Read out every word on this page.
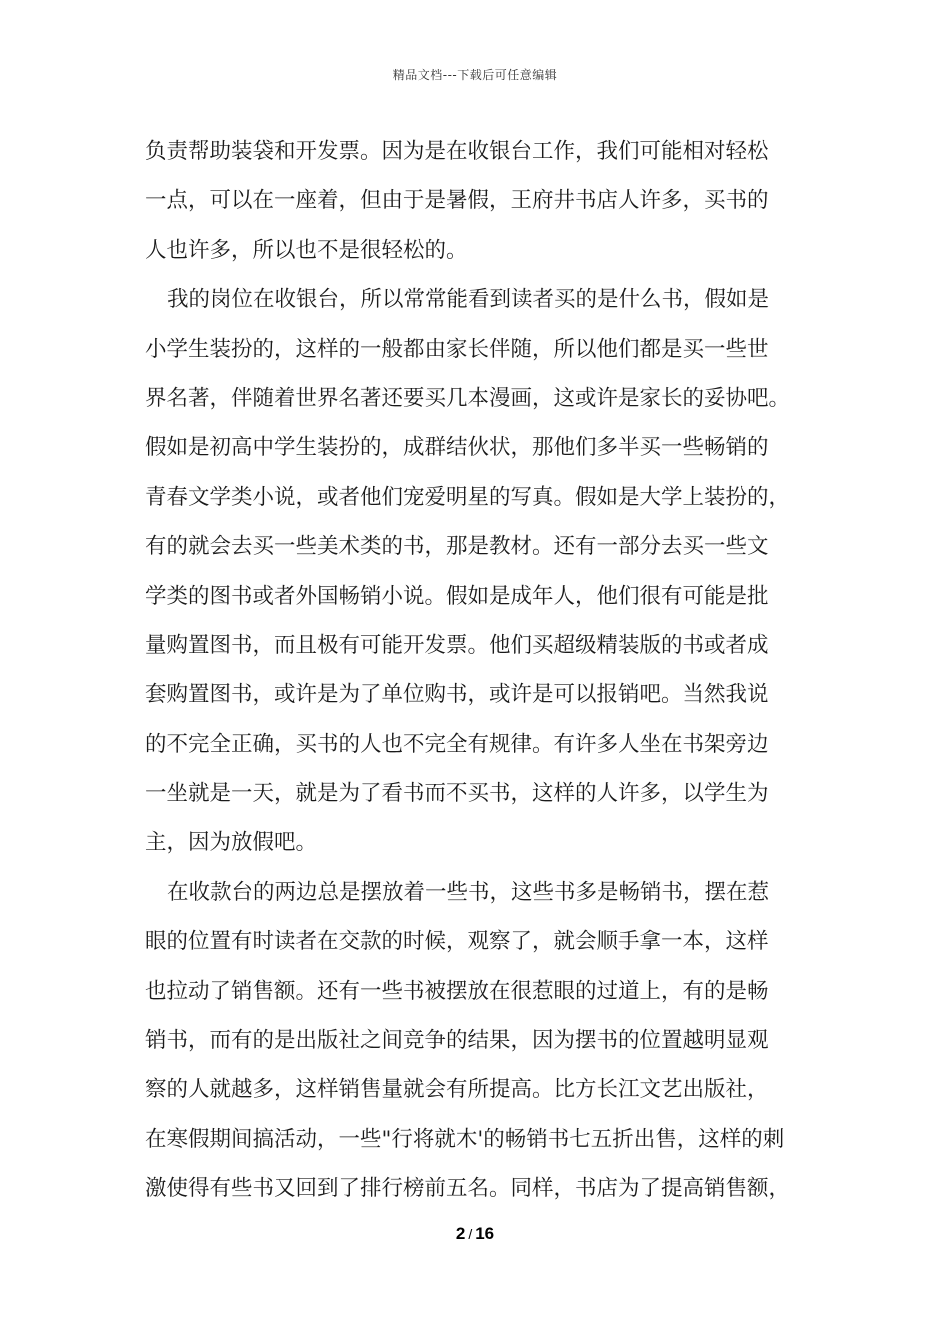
精品文档---下载后可任意编辑
负责帮助装袋和开发票。因为是在收银台工作，我们可能相对轻松
一点，可以在一座着，但由于是暑假，王府井书店人许多，买书的
人也许多，所以也不是很轻松的。
我的岗位在收银台，所以常常能看到读者买的是什么书，假如是
小学生装扮的，这样的一般都由家长伴随，所以他们都是买一些世
界名著，伴随着世界名著还要买几本漫画，这或许是家长的妥协吧。
假如是初高中学生装扮的，成群结伙状，那他们多半买一些畅销的
青春文学类小说，或者他们宠爱明星的写真。假如是大学上装扮的，
有的就会去买一些美术类的书，那是教材。还有一部分去买一些文
学类的图书或者外国畅销小说。假如是成年人，他们很有可能是批
量购置图书，而且极有可能开发票。他们买超级精装版的书或者成
套购置图书，或许是为了单位购书，或许是可以报销吧。当然我说
的不完全正确，买书的人也不完全有规律。有许多人坐在书架旁边
一坐就是一天，就是为了看书而不买书，这样的人许多，以学生为
主，因为放假吧。
在收款台的两边总是摆放着一些书，这些书多是畅销书，摆在惹
眼的位置有时读者在交款的时候，观察了，就会顺手拿一本，这样
也拉动了销售额。还有一些书被摆放在很惹眼的过道上，有的是畅
销书，而有的是出版社之间竞争的结果，因为摆书的位置越明显观
察的人就越多，这样销售量就会有所提高。比方长江文艺出版社，
在寒假期间搞活动，一些"行将就木'的畅销书七五折出售，这样的刺
激使得有些书又回到了排行榜前五名。同样，书店为了提高销售额，
2 / 16
